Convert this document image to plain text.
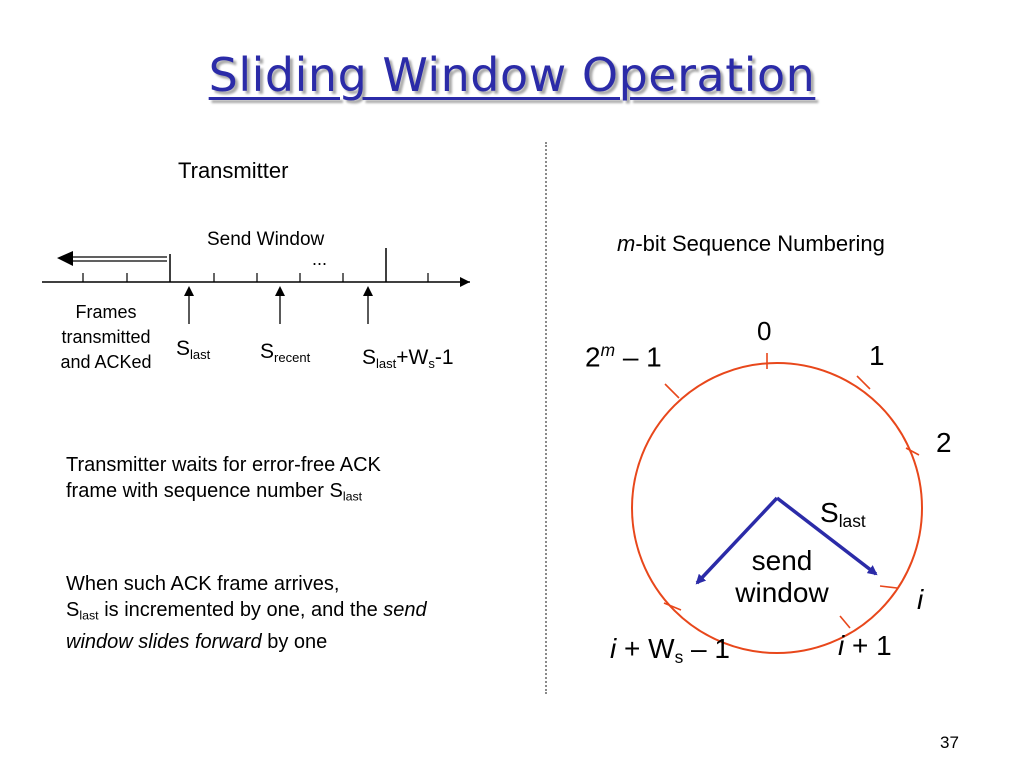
Sliding Window Operation
Transmitter
Send Window
...
Frames
transmitted
and ACKed
$S_{last}$ $S_{recent}$ $S_{last}+W_s-1$
Transmitter waits for error-free ACK frame with sequence number $S_{last}$
When such ACK frame arrives,
$S_{last}$ is incremented by one, and the send window slides forward by one
m-bit Sequence Numbering
0
1
2
2$^m$ – 1
i
i + 1
$i + W_s - 1$
$S_{last}$
send
window
37
